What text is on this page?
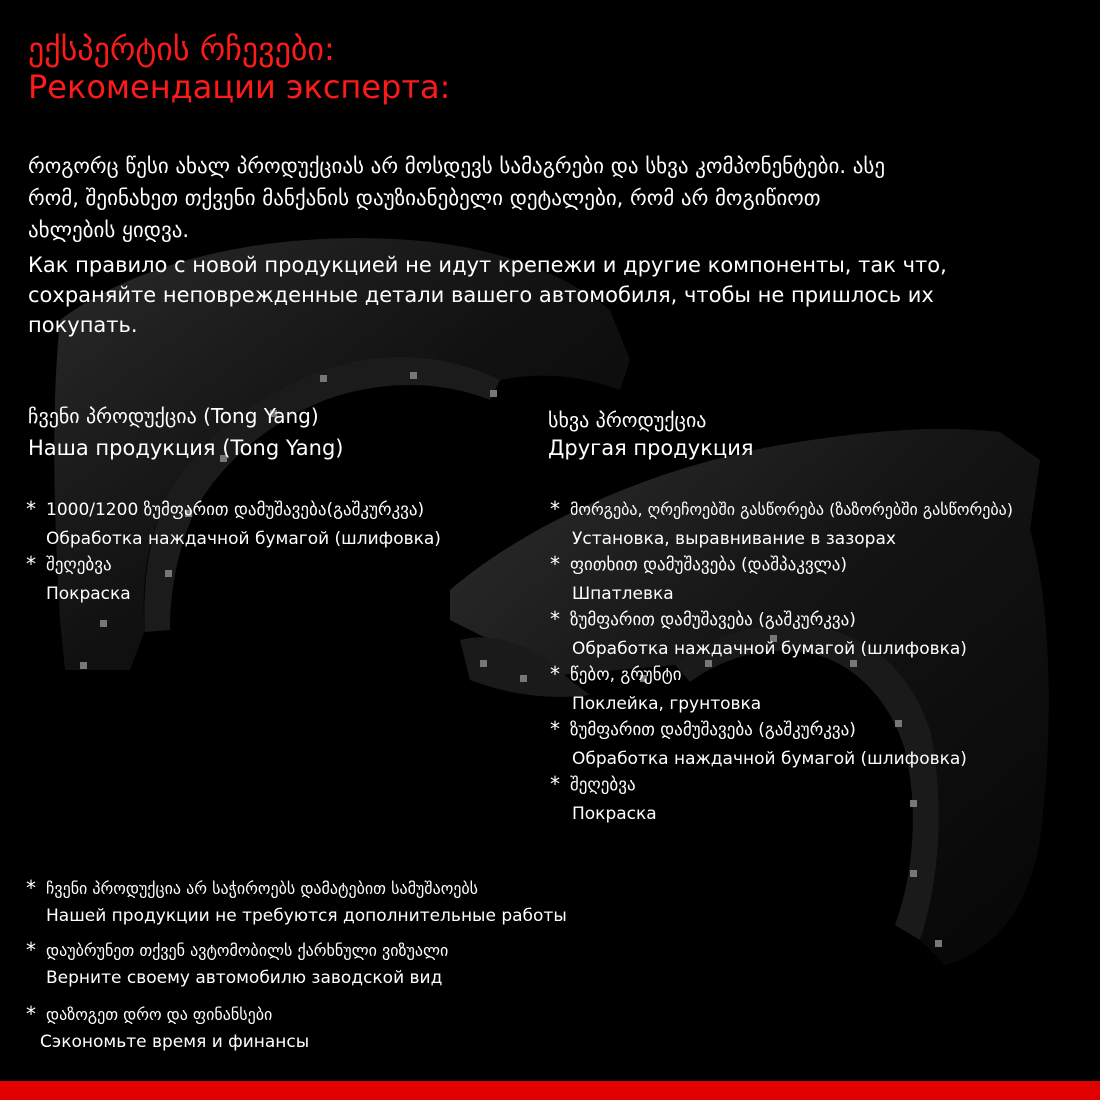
ექსპერტის რჩევები:
Рекомендации эксперта:
როგორც წესი ახალ პროდუქციას არ მოსდევს სამაგრები და სხვა კომპონენტები. ასე
რომ, შეინახეთ თქვენი მანქანის დაუზიანებელი დეტალები, რომ არ მოგიწიოთ
ახლების ყიდვა.
Как правило с новой продукцией не идут крепежи и другие компоненты, так что,
сохраняйте неповрежденные детали вашего автомобиля, чтобы не пришлось их
покупать.
ჩვენი პროდუქცია (Tong Yang)
Наша продукция (Tong Yang)
* 1000/1200 ზუმფარით დამუშავება(გაშკურკვა)
Обработка наждачной бумагой (шлифовка)
* შეღებვა
Покраска
სხვა პროდუქცია
Другая продукция
* მორგება, ღრეჩოებში გასწორება (ზაზორებში გასწორება)
Установка, выравнивание в зазорах
* ფითხით დამუშავება (დაშპაკვლა)
Шпатлевка
* ზუმფარით დამუშავება (გაშკურკვა)
Обработка наждачной бумагой (шлифовка)
* წებო, გრუნტი
Поклейка, грунтовка
* ზუმფარით დამუშავება (გაშკურკვა)
Обработка наждачной бумагой (шлифовка)
* შეღებვა
Покраска
* ჩვენი პროდუქცია არ საჭიროებს დამატებით სამუშაოებს
Нашей продукции не требуются дополнительные работы
* დაუბრუნეთ თქვენ ავტომობილს ქარხნული ვიზუალი
Верните своему автомобилю заводской вид
* დაზოგეთ დრო და ფინანსები
Сэкономьте время и финансы
